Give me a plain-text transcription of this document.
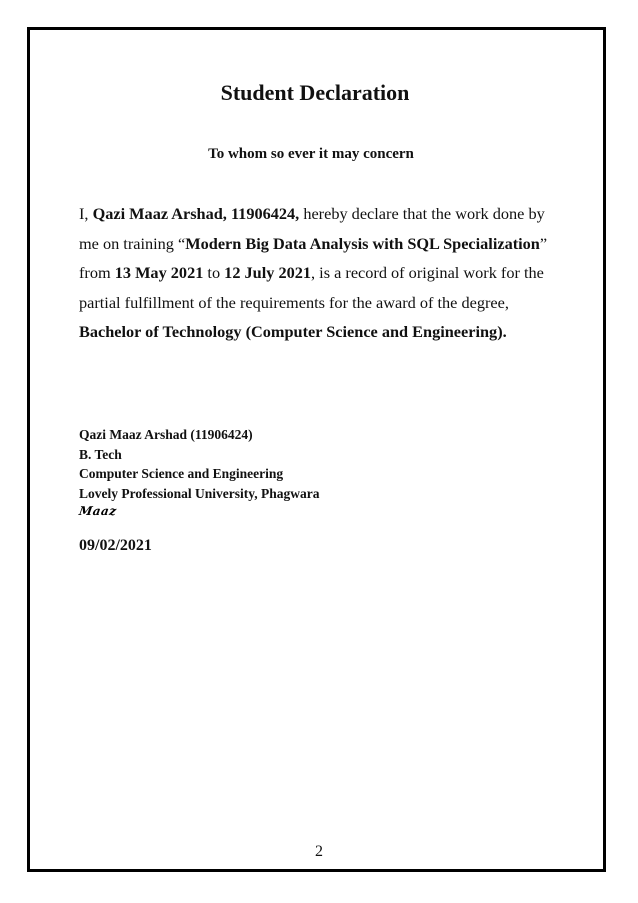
Student Declaration
To whom so ever it may concern

I, Qazi Maaz Arshad, 11906424, hereby declare that the work done by me on training “Modern Big Data Analysis with SQL Specialization” from 13 May 2021 to 12 July 2021, is a record of original work for the partial fulfillment of the requirements for the award of the degree, Bachelor of Technology (Computer Science and Engineering).

Qazi Maaz Arshad (11906424)
B. Tech
Computer Science and Engineering
Lovely Professional University, Phagwara
Maaz
09/02/2021
2
